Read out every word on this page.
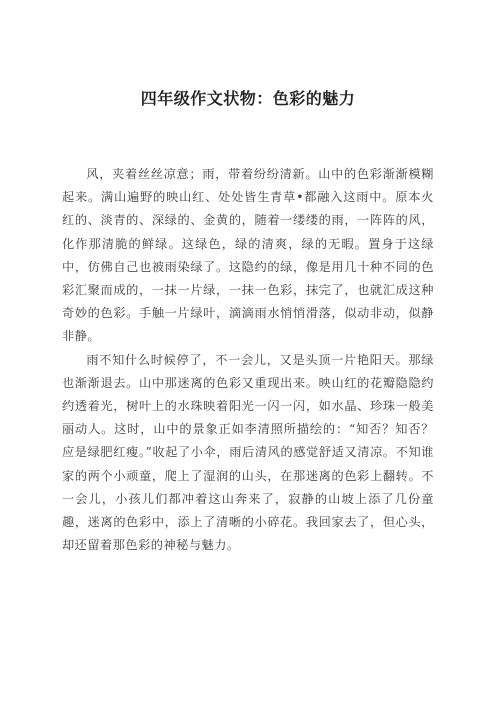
四年级作文状物：色彩的魅力

风，夹着丝丝凉意；雨，带着纷纷清新。山中的色彩渐渐模糊起来。满山遍野的映山红、处处皆生青草•都融入这雨中。原本火红的、淡青的、深绿的、金黄的，随着一缕缕的雨，一阵阵的风，化作那清脆的鲜绿。这绿色，绿的清爽，绿的无暇。置身于这绿中，仿佛自己也被雨染绿了。这隐约的绿，像是用几十种不同的色彩汇聚而成的，一抹一片绿，一抹一色彩，抹完了，也就汇成这种奇妙的色彩。手触一片绿叶，滴滴雨水悄悄滑落，似动非动，似静非静。

雨不知什么时候停了，不一会儿，又是头顶一片艳阳天。那绿也渐渐退去。山中那迷离的色彩又重现出来。映山红的花瓣隐隐约约透着光，树叶上的水珠映着阳光一闪一闪，如水晶、珍珠一般美丽动人。这时，山中的景象正如李清照所描绘的：“知否？知否？应是绿肥红瘦。”收起了小伞，雨后清风的感觉舒适又清凉。不知谁家的两个小顽童，爬上了湿润的山头，在那迷离的色彩上翻转。不一会儿，小孩儿们都冲着这山奔来了，寂静的山坡上添了几份童趣，迷离的色彩中，添上了清晰的小碎花。我回家去了，但心头，却还留着那色彩的神秘与魅力。
